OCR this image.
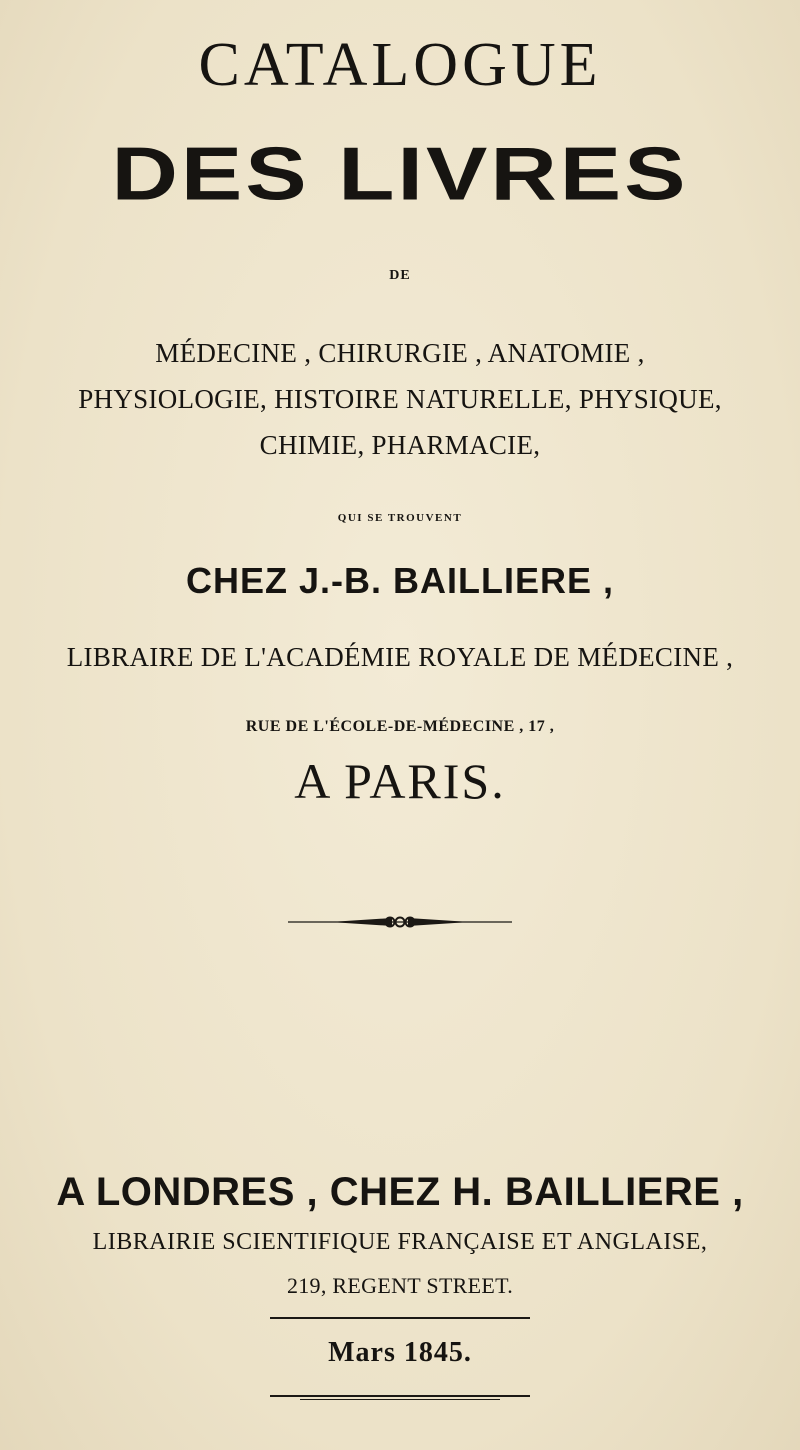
CATALOGUE
DES LIVRES
DE
MÉDECINE , CHIRURGIE , ANATOMIE ,
PHYSIOLOGIE, HISTOIRE NATURELLE, PHYSIQUE,
CHIMIE, PHARMACIE,
QUI SE TROUVENT
CHEZ J.-B. BAILLIERE ,
LIBRAIRE DE L'ACADÉMIE ROYALE DE MÉDECINE ,
RUE DE L'ÉCOLE-DE-MÉDECINE , 17 ,
A PARIS.
A LONDRES , CHEZ H. BAILLIERE ,
LIBRAIRIE SCIENTIFIQUE FRANÇAISE ET ANGLAISE,
219, REGENT STREET.
Mars 1845.
